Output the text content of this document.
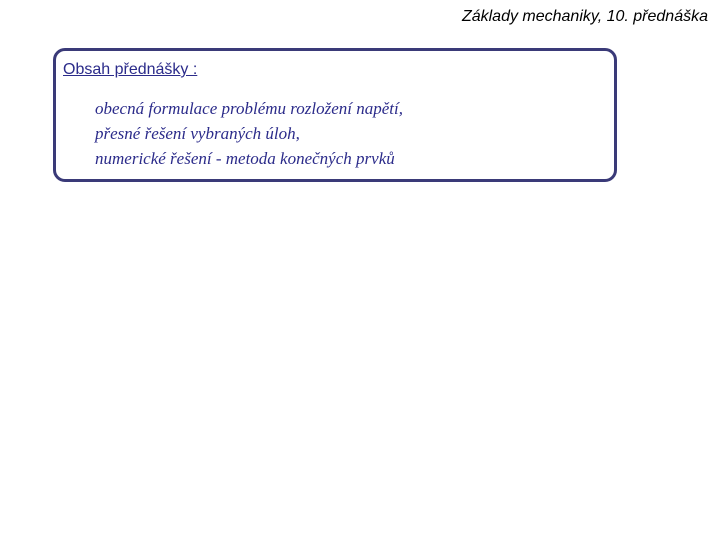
Základy mechaniky, 10. přednáška
Obsah přednášky :
obecná formulace problému rozložení napětí,
přesné řešení vybraných úloh,
numerické řešení - metoda konečných prvků
